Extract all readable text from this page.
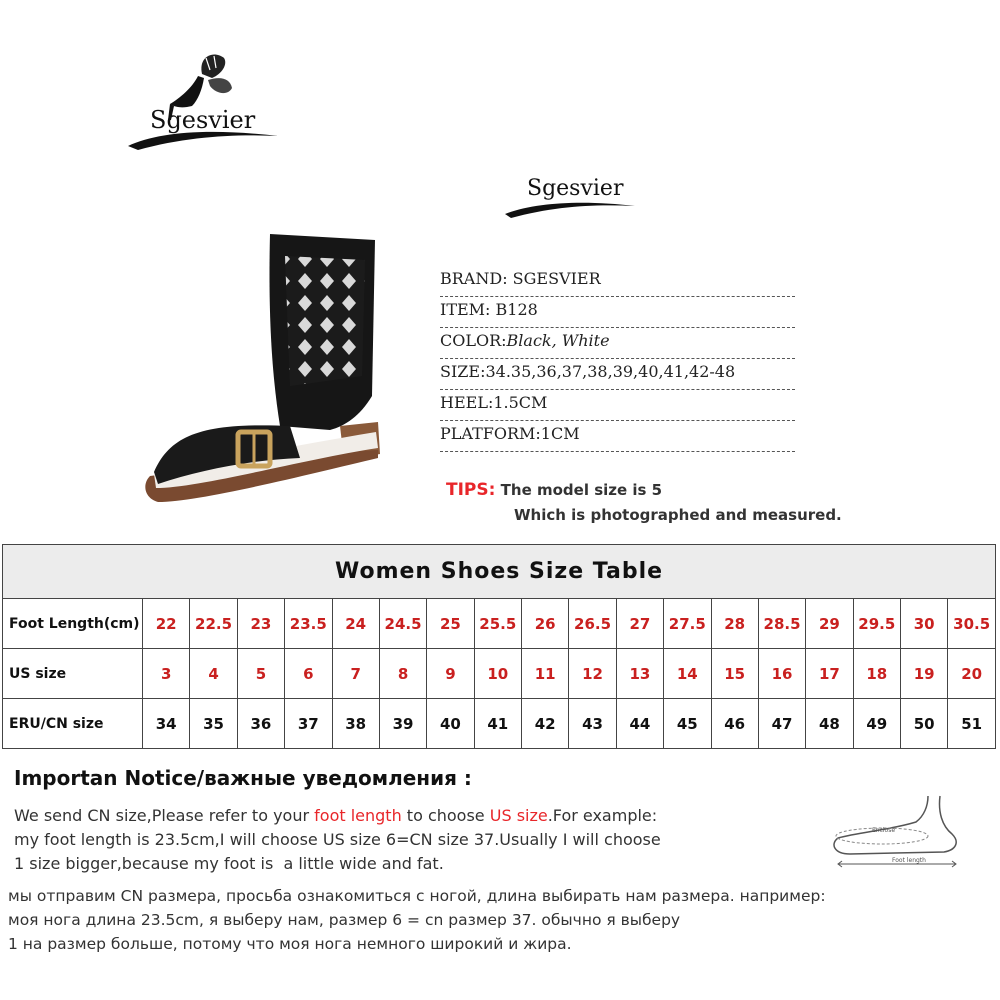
Sgesvier
Sgesvier
BRAND: SGESVIER
ITEM: B128
COLOR:Black, White
SIZE:34.35,36,37,38,39,40,41,42-48
HEEL:1.5CM
PLATFORM:1CM
TIPS: The model size is 5
Which is photographed and measured.
Women Shoes Size Table																		
Foot Length(cm)	22	22.5	23	23.5	24	24.5	25	25.5	26	26.5	27	27.5	28	28.5	29	29.5	30	30.5
US size	3	4	5	6	7	8	9	10	11	12	13	14	15	16	17	18	19	20
ERU/CN size	34	35	36	37	38	39	40	41	42	43	44	45	46	47	48	49	50	51
Importan Notice/важные уведомления :
We send CN size,Please refer to your foot length to choose US size.For example:
my foot length is 23.5cm,I will choose US size 6=CN size 37.Usually I will choose
1 size bigger,because my foot is  a little wide and fat.
мы отправим CN размера, просьба ознакомиться с ногой, длина выбирать нам размера. например:
моя нога длина 23.5cm, я выберу нам, размер 6 = cn размер 37. обычно я выберу
1 на размер больше, потому что моя нога немного широкий и жира.
Enclose
Foot length
